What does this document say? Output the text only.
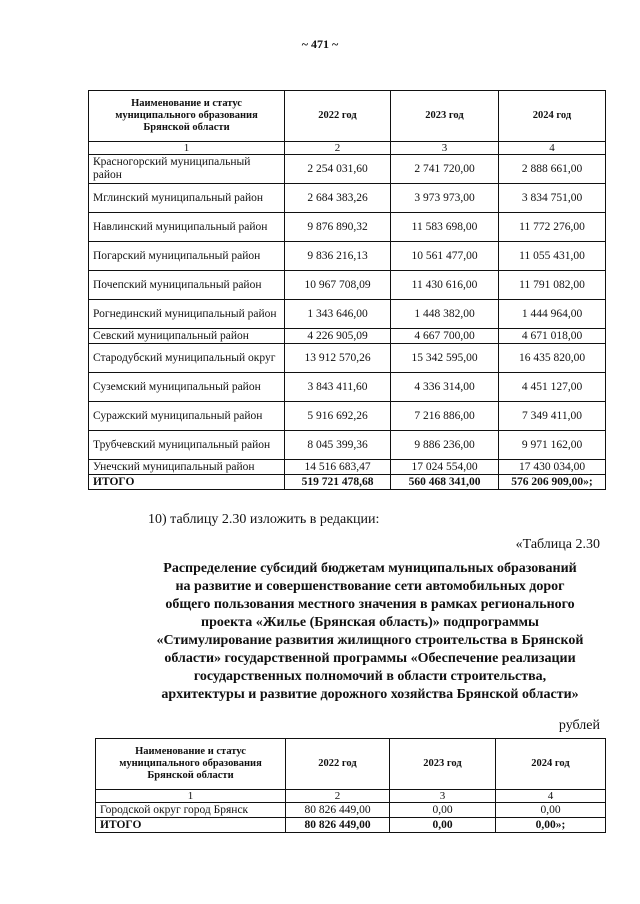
~ 471 ~
Наименование и статус муниципального образования Брянской области	2022 год	2023 год	2024 год
1	2	3	4
Красногорский муниципальный район	2 254 031,60	2 741 720,00	2 888 661,00
Мглинский муниципальный район	2 684 383,26	3 973 973,00	3 834 751,00
Навлинский муниципальный район	9 876 890,32	11 583 698,00	11 772 276,00
Погарский муниципальный район	9 836 216,13	10 561 477,00	11 055 431,00
Почепский муниципальный район	10 967 708,09	11 430 616,00	11 791 082,00
Рогнединский муниципальный район	1 343 646,00	1 448 382,00	1 444 964,00
Севский муниципальный район	4 226 905,09	4 667 700,00	4 671 018,00
Стародубский муниципальный округ	13 912 570,26	15 342 595,00	16 435 820,00
Суземский муниципальный район	3 843 411,60	4 336 314,00	4 451 127,00
Суражский муниципальный район	5 916 692,26	7 216 886,00	7 349 411,00
Трубчевский муниципальный район	8 045 399,36	9 886 236,00	9 971 162,00
Унечский муниципальный район	14 516 683,47	17 024 554,00	17 430 034,00
ИТОГО	519 721 478,68	560 468 341,00	576 206 909,00»;
10) таблицу 2.30 изложить в редакции:
«Таблица 2.30
Распределение субсидий бюджетам муниципальных образований
на развитие и совершенствование сети автомобильных дорог
общего пользования местного значения в рамках регионального
проекта «Жилье (Брянская область)» подпрограммы
«Стимулирование развития жилищного строительства в Брянской
области» государственной программы «Обеспечение реализации
государственных полномочий в области строительства,
архитектуры и развитие дорожного хозяйства Брянской области»
рублей
Наименование и статус муниципального образования Брянской области	2022 год	2023 год	2024 год
1	2	3	4
Городской округ город Брянск	80 826 449,00	0,00	0,00
ИТОГО	80 826 449,00	0,00	0,00»;
